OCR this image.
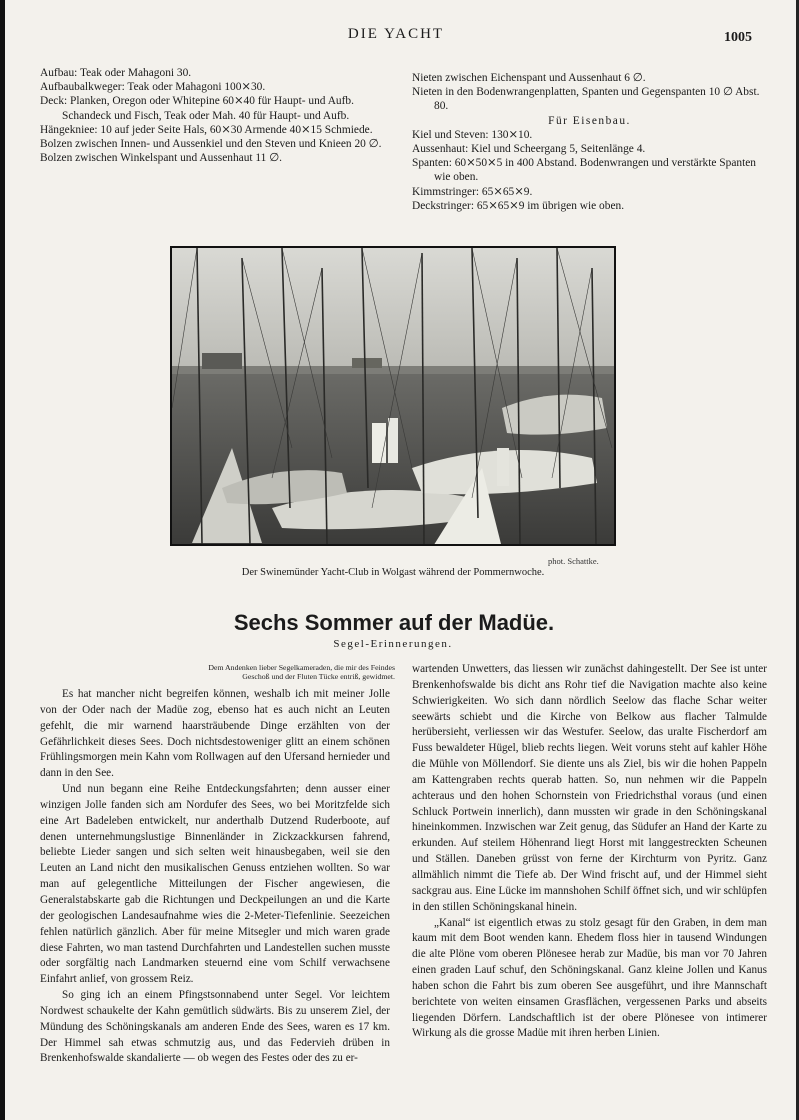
DIE YACHT	1005

Aufbau: Teak oder Mahagoni 30.

Aufbaubalkweger: Teak oder Mahagoni 100⨯30.

Deck: Planken, Oregon oder Whitepine 60⨯40 für Haupt- und Aufb. Schandeck und Fisch, Teak oder Mah. 40 für Haupt- und Aufb.

Hängekniee: 10 auf jeder Seite Hals, 60⨯30 Armende 40⨯15 Schmiede.

Bolzen zwischen Innen- und Aussenkiel und den Steven und Knieen 20 ∅.

Bolzen zwischen Winkelspant und Aussenhaut 11 ∅.

Nieten zwischen Eichenspant und Aussenhaut 6 ∅.

Nieten in den Bodenwrangenplatten, Spanten und Gegenspanten 10 ∅ Abst. 80.

Für Eisenbau.

Kiel und Steven: 130⨯10.

Aussenhaut: Kiel und Scheergang 5, Seitenlänge 4.

Spanten: 60⨯50⨯5 in 400 Abstand. Bodenwrangen und verstärkte Spanten wie oben.

Kimmstringer: 65⨯65⨯9.

Deckstringer: 65⨯65⨯9 im übrigen wie oben.

phot. Schattke.
Der Swinemünder Yacht-Club in Wolgast während der Pommernwoche.
Sechs Sommer auf der Madüe.
Segel-Erinnerungen.
Dem Andenken lieber Segelkameraden, die mir des Feindes Geschoß und der Fluten Tücke entriß, gewidmet.

Es hat mancher nicht begreifen können, weshalb ich mit meiner Jolle von der Oder nach der Madüe zog, ebenso hat es auch nicht an Leuten gefehlt, die mir warnend haarsträubende Dinge erzählten von der Gefährlichkeit dieses Sees. Doch nichtsdestoweniger glitt an einem schönen Frühlingsmorgen mein Kahn vom Rollwagen auf den Ufersand hernieder und dann in den See.

Und nun begann eine Reihe Entdeckungsfahrten; denn ausser einer winzigen Jolle fanden sich am Nordufer des Sees, wo bei Moritzfelde sich eine Art Badeleben entwickelt, nur anderthalb Dutzend Ruderboote, auf denen unternehmungslustige Binnenländer in Zickzackkursen fahrend, beliebte Lieder sangen und sich selten weit hinausbegaben, weil sie den Leuten an Land nicht den musikalischen Genuss entziehen wollten. So war man auf gelegentliche Mitteilungen der Fischer angewiesen, die Generalstabskarte gab die Richtungen und Deckpeilungen an und die Karte der geologischen Landesaufnahme wies die 2-Meter-Tiefenlinie. Seezeichen fehlen natürlich gänzlich. Aber für meine Mitsegler und mich waren grade diese Fahrten, wo man tastend Durchfahrten und Landestellen suchen musste oder sorgfältig nach Landmarken steuernd eine vom Schilf verwachsene Einfahrt anlief, von grossem Reiz.

So ging ich an einem Pfingstsonnabend unter Segel. Vor leichtem Nordwest schaukelte der Kahn gemütlich südwärts. Bis zu unserem Ziel, der Mündung des Schöningskanals am anderen Ende des Sees, waren es 17 km. Der Himmel sah etwas schmutzig aus, und das Federvieh drüben in Brenkenhofswalde skandalierte — ob wegen des Festes oder des zu er-

wartenden Unwetters, das liessen wir zunächst dahingestellt. Der See ist unter Brenkenhofswalde bis dicht ans Rohr tief die Navigation machte also keine Schwierigkeiten. Wo sich dann nördlich Seelow das flache Schar weiter seewärts schiebt und die Kirche von Belkow aus flacher Talmulde herübersieht, verliessen wir das Westufer. Seelow, das uralte Fischerdorf am Fuss bewaldeter Hügel, blieb rechts liegen. Weit voruns steht auf kahler Höhe die Mühle von Möllendorf. Sie diente uns als Ziel, bis wir die hohen Pappeln am Kattengraben rechts querab hatten. So, nun nehmen wir die Pappeln achteraus und den hohen Schornstein von Friedrichsthal voraus (und einen Schluck Portwein innerlich), dann mussten wir grade in den Schöningskanal hineinkommen. Inzwischen war Zeit genug, das Südufer an Hand der Karte zu erkunden. Auf steilem Höhenrand liegt Horst mit langgestreckten Scheunen und Ställen. Daneben grüsst von ferne der Kirchturm von Pyritz. Ganz allmählich nimmt die Tiefe ab. Der Wind frischt auf, und der Himmel sieht sackgrau aus. Eine Lücke im mannshohen Schilf öffnet sich, und wir schlüpfen in den stillen Schöningskanal hinein.

„Kanal“ ist eigentlich etwas zu stolz gesagt für den Graben, in dem man kaum mit dem Boot wenden kann. Ehedem floss hier in tausend Windungen die alte Plöne vom oberen Plönesee herab zur Madüe, bis man vor 70 Jahren einen graden Lauf schuf, den Schöningskanal. Ganz kleine Jollen und Kanus haben schon die Fahrt bis zum oberen See ausgeführt, und ihre Mannschaft berichtete von weiten einsamen Grasflächen, vergessenen Parks und abseits liegenden Dörfern. Landschaftlich ist der obere Plönesee von intimerer Wirkung als die grosse Madüe mit ihren herben Linien.
